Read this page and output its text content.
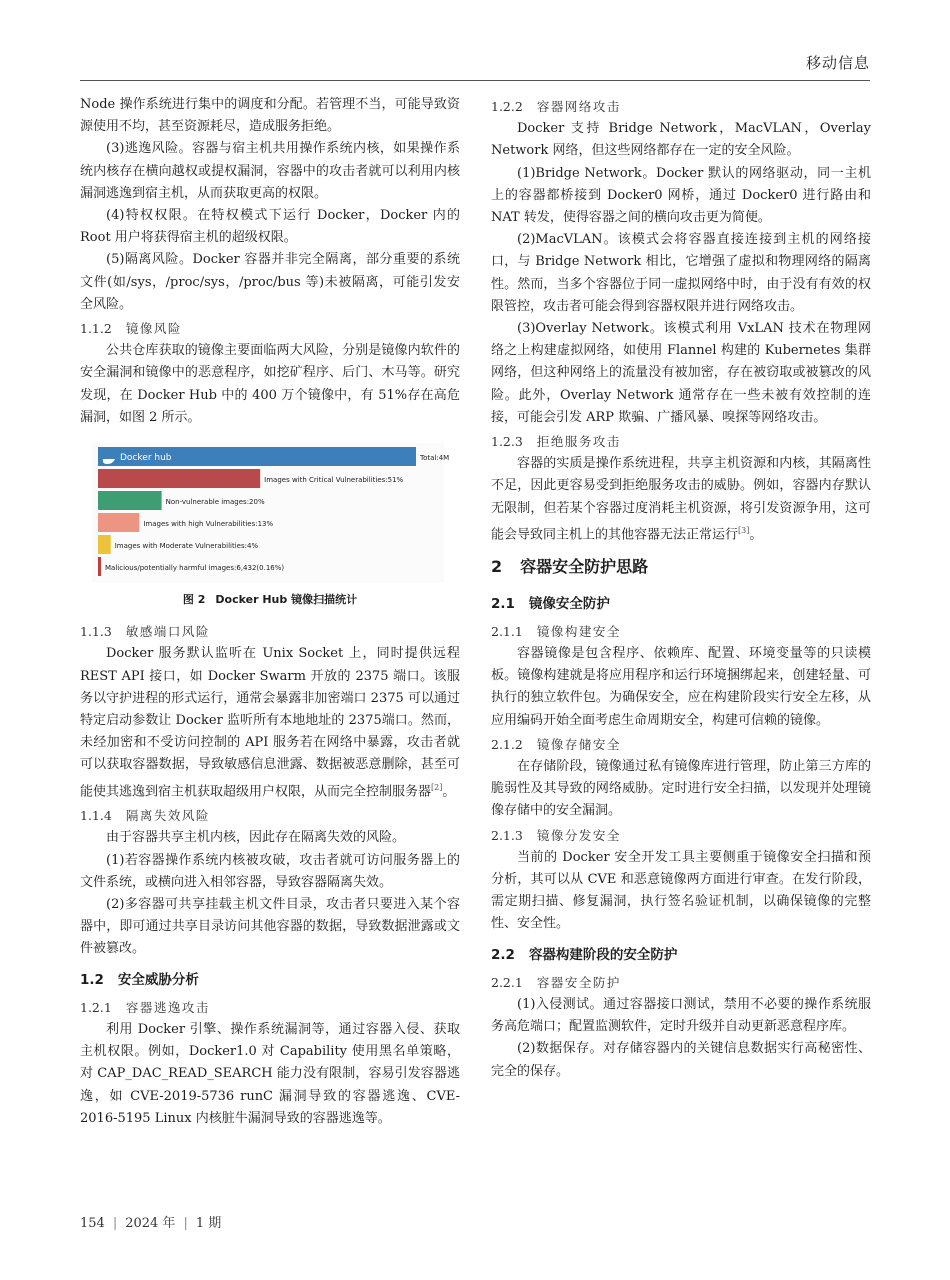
移动信息

Node 操作系统进行集中的调度和分配。若管理不当，可能导致资源使用不均，甚至资源耗尽，造成服务拒绝。

(3)逃逸风险。容器与宿主机共用操作系统内核，如果操作系统内核存在横向越权或提权漏洞，容器中的攻击者就可以利用内核漏洞逃逸到宿主机，从而获取更高的权限。

(4)特权权限。在特权模式下运行 Docker，Docker 内的 Root 用户将获得宿主机的超级权限。

(5)隔离风险。Docker 容器并非完全隔离，部分重要的系统文件(如/sys，/proc/sys，/proc/bus 等)未被隔离，可能引发安全风险。

1.1.2 镜像风险

公共仓库获取的镜像主要面临两大风险，分别是镜像内软件的安全漏洞和镜像中的恶意程序，如挖矿程序、后门、木马等。研究发现，在 Docker Hub 中的 400 万个镜像中，有 51%存在高危漏洞，如图 2 所示。

Docker hub	Total:4M
Images with Critical Vulnerabilities:51%
Non-vulnerable images:20%
Images with high Vulnerabilities:13%
Images with Moderate Vulnerabilities:4%
Malicious/potentially harmful images:6,432(0.16%)
图 2 Docker Hub 镜像扫描统计
1.1.3 敏感端口风险

Docker 服务默认监听在 Unix Socket 上，同时提供远程 REST API 接口，如 Docker Swarm 开放的 2375 端口。该服务以守护进程的形式运行，通常会暴露非加密端口 2375 可以通过特定启动参数让 Docker 监听所有本地地址的 2375端口。然而，未经加密和不受访问控制的 API 服务若在网络中暴露，攻击者就可以获取容器数据，导致敏感信息泄露、数据被恶意删除，甚至可能使其逃逸到宿主机获取超级用户权限，从而完全控制服务器[2]。

1.1.4 隔离失效风险

由于容器共享主机内核，因此存在隔离失效的风险。

(1)若容器操作系统内核被攻破，攻击者就可访问服务器上的文件系统，或横向进入相邻容器，导致容器隔离失效。

(2)多容器可共享挂载主机文件目录，攻击者只要进入某个容器中，即可通过共享目录访问其他容器的数据，导致数据泄露或文件被篡改。

1.2 安全威胁分析
1.2.1 容器逃逸攻击

利用 Docker 引擎、操作系统漏洞等，通过容器入侵、获取主机权限。例如，Docker1.0 对 Capability 使用黑名单策略，对 CAP_DAC_READ_SEARCH 能力没有限制，容易引发容器逃逸，如 CVE-2019-5736 runC 漏洞导致的容器逃逸、CVE-2016-5195 Linux 内核脏牛漏洞导致的容器逃逸等。

1.2.2 容器网络攻击

Docker 支持 Bridge Network，MacVLAN，Overlay Network 网络，但这些网络都存在一定的安全风险。

(1)Bridge Network。Docker 默认的网络驱动，同一主机上的容器都桥接到 Docker0 网桥，通过 Docker0 进行路由和 NAT 转发，使得容器之间的横向攻击更为简便。

(2)MacVLAN。该模式会将容器直接连接到主机的网络接口，与 Bridge Network 相比，它增强了虚拟和物理网络的隔离性。然而，当多个容器位于同一虚拟网络中时，由于没有有效的权限管控，攻击者可能会得到容器权限并进行网络攻击。

(3)Overlay Network。该模式利用 VxLAN 技术在物理网络之上构建虚拟网络，如使用 Flannel 构建的 Kubernetes 集群网络，但这种网络上的流量没有被加密，存在被窃取或被篡改的风险。此外，Overlay Network 通常存在一些未被有效控制的连接，可能会引发 ARP 欺骗、广播风暴、嗅探等网络攻击。

1.2.3 拒绝服务攻击

容器的实质是操作系统进程，共享主机资源和内核，其隔离性不足，因此更容易受到拒绝服务攻击的威胁。例如，容器内存默认无限制，但若某个容器过度消耗主机资源，将引发资源争用，这可能会导致同主机上的其他容器无法正常运行[3]。

2 容器安全防护思路
2.1 镜像安全防护
2.1.1 镜像构建安全

容器镜像是包含程序、依赖库、配置、环境变量等的只读模板。镜像构建就是将应用程序和运行环境捆绑起来，创建轻量、可执行的独立软件包。为确保安全，应在构建阶段实行安全左移，从应用编码开始全面考虑生命周期安全，构建可信赖的镜像。

2.1.2 镜像存储安全

在存储阶段，镜像通过私有镜像库进行管理，防止第三方库的脆弱性及其导致的网络威胁。定时进行安全扫描，以发现并处理镜像存储中的安全漏洞。

2.1.3 镜像分发安全

当前的 Docker 安全开发工具主要侧重于镜像安全扫描和预分析，其可以从 CVE 和恶意镜像两方面进行审查。在发行阶段，需定期扫描、修复漏洞，执行签名验证机制，以确保镜像的完整性、安全性。

2.2 容器构建阶段的安全防护
2.2.1 容器安全防护

(1)入侵测试。通过容器接口测试，禁用不必要的操作系统服务高危端口；配置监测软件，定时升级并自动更新恶意程序库。

(2)数据保存。对存储容器内的关键信息数据实行高秘密性、完全的保存。

154 | 2024 年 | 1 期
